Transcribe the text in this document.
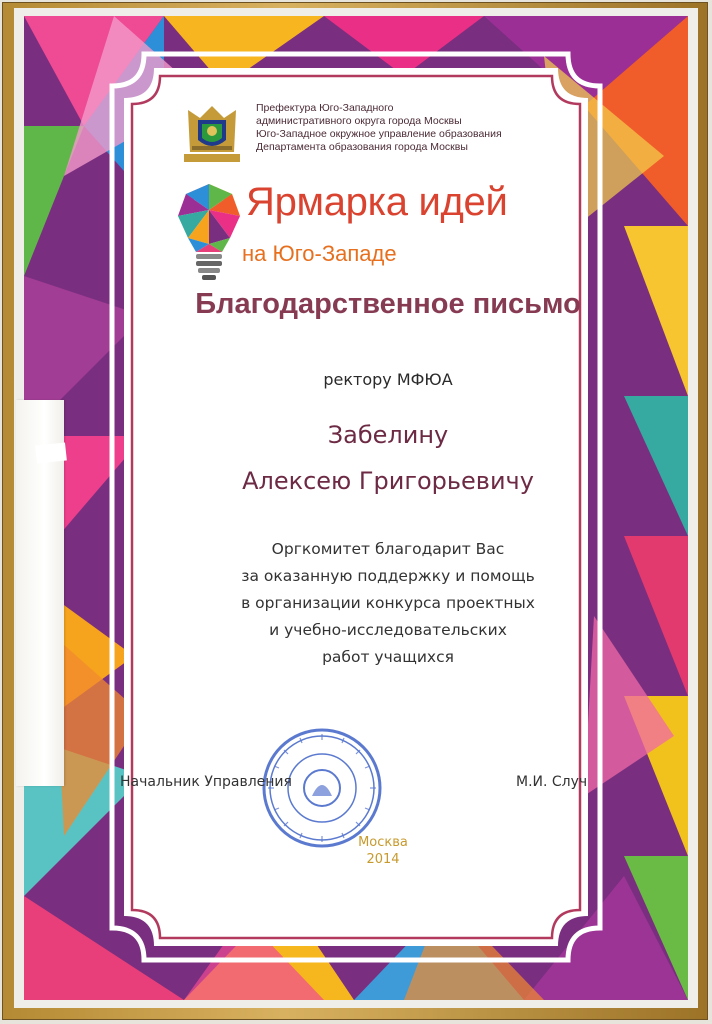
Префектура Юго-Западного

административного округа города Москвы

Юго-Западное окружное управление образования

Департамента образования города Москвы

Ярмарка идей
на Юго-Западе
Благодарственное письмо
ректору МФЮА
Забелину
Алексею Григорьевичу
Оргкомитет благодарит Вас
за оказанную поддержку и помощь
в организации конкурса проектных
и учебно-исследовательских
работ учащихся
Начальник Управления	М.И. Случ
Москва
2014
